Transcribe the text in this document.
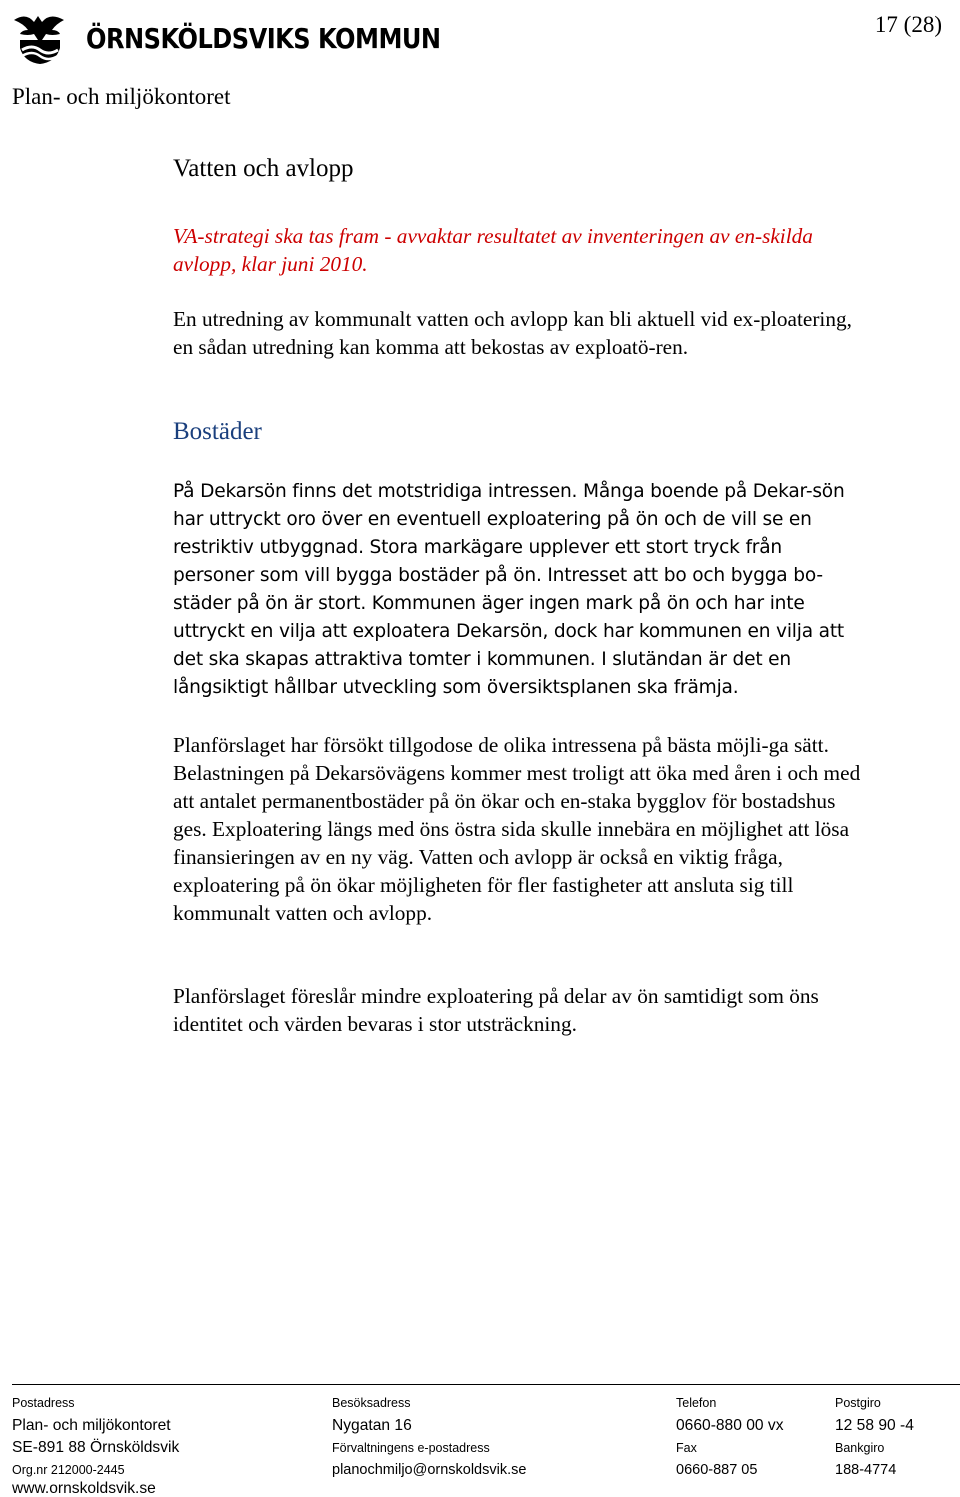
ÖRNSKÖLDSVIKS KOMMUN	17 (28)
Plan- och miljökontoret
Vatten och avlopp

VA-strategi ska tas fram - avvaktar resultatet av inventeringen av en-skilda avlopp, klar juni 2010.

En utredning av kommunalt vatten och avlopp kan bli aktuell vid ex-ploatering, en sådan utredning kan komma att bekostas av exploatö-ren.

Bostäder

På Dekarsön finns det motstridiga intressen. Många boende på Dekar-sön har uttryckt oro över en eventuell exploatering på ön och de vill se en restriktiv utbyggnad. Stora markägare upplever ett stort tryck från personer som vill bygga bostäder på ön. Intresset att bo och bygga bo-städer på ön är stort. Kommunen äger ingen mark på ön och har inte uttryckt en vilja att exploatera Dekarsön, dock har kommunen en vilja att det ska skapas attraktiva tomter i kommunen. I slutändan är det en långsiktigt hållbar utveckling som översiktsplanen ska främja.

Planförslaget har försökt tillgodose de olika intressena på bästa möjli-ga sätt. Belastningen på Dekarsövägens kommer mest troligt att öka med åren i och med att antalet permanentbostäder på ön ökar och en-staka bygglov för bostadshus ges. Exploatering längs med öns östra sida skulle innebära en möjlighet att lösa finansieringen av en ny väg. Vatten och avlopp är också en viktig fråga, exploatering på ön ökar möjligheten för fler fastigheter att ansluta sig till kommunalt vatten och avlopp.

Planförslaget föreslår mindre exploatering på delar av ön samtidigt som öns identitet och värden bevaras i stor utsträckning.

Postadress
Plan- och miljökontoret
SE-891 88 Örnsköldsvik
Org.nr 212000-2445
www.ornskoldsvik.se
Besöksadress
Nygatan 16
Förvaltningens e-postadress
planochmiljo@ornskoldsvik.se
Telefon
0660-880 00 vx
Fax
0660-887 05
Postgiro
12 58 90 -4
Bankgiro
188-4774
